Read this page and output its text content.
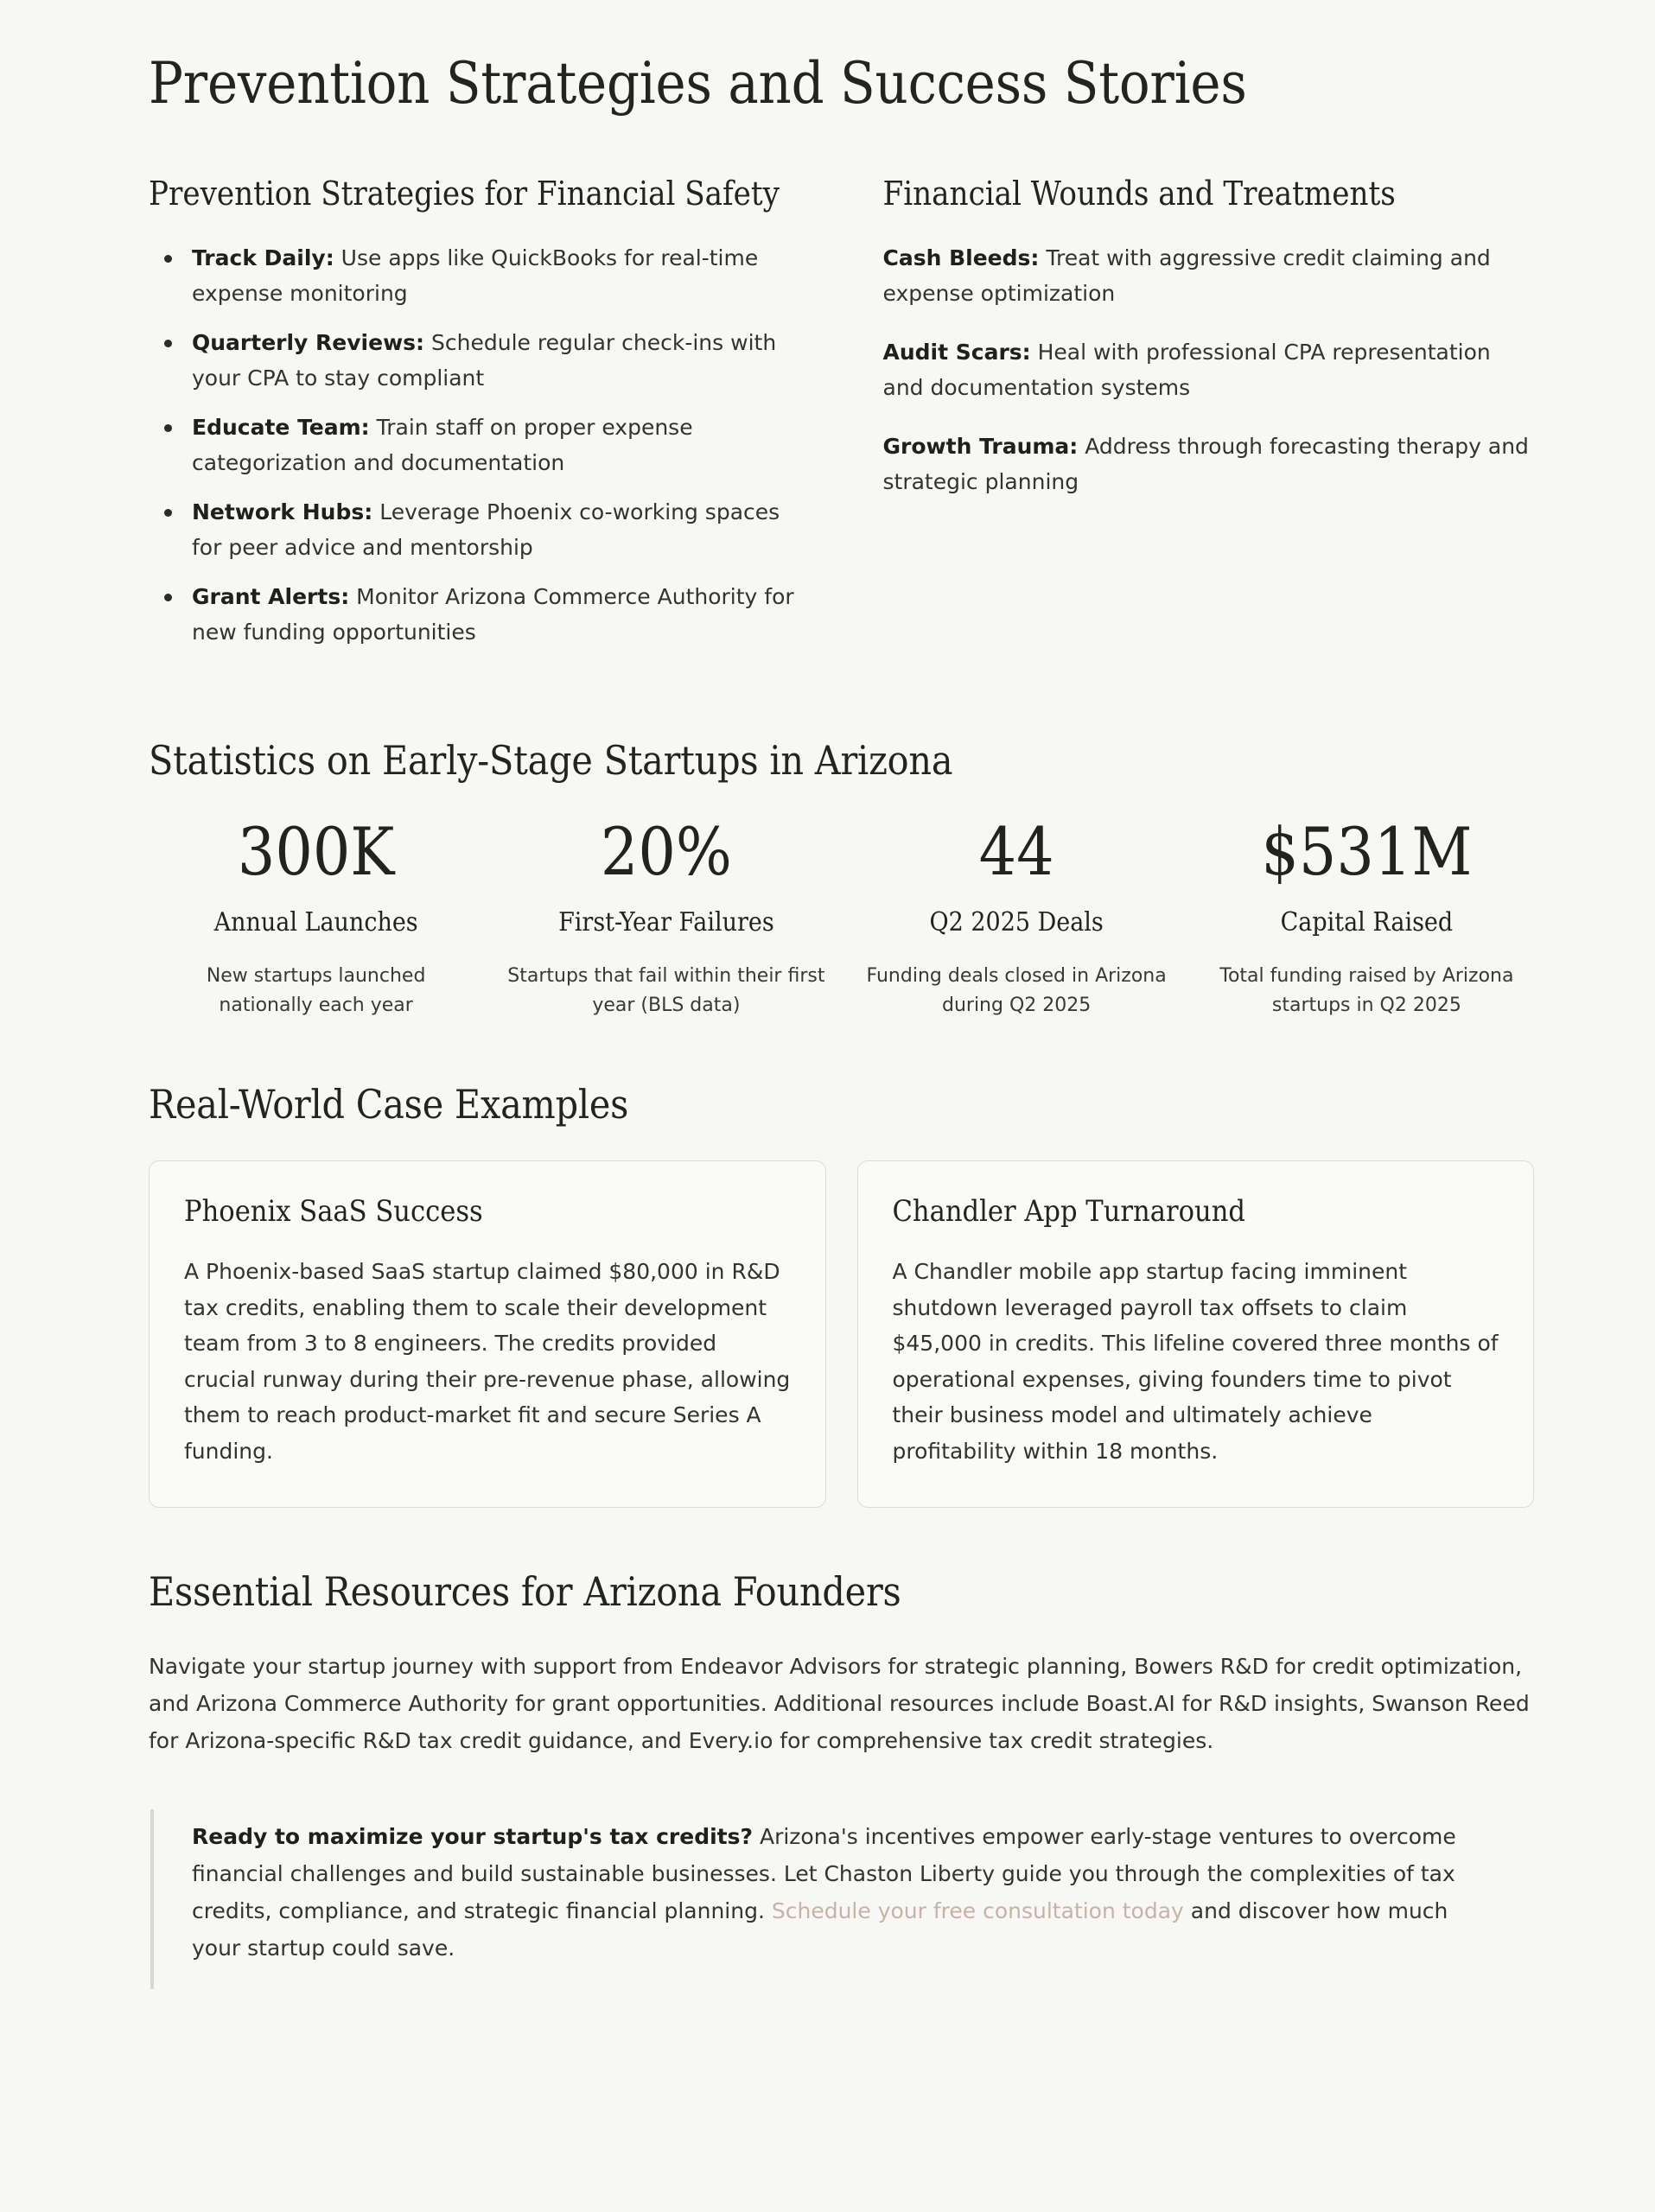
Prevention Strategies and Success Stories
Prevention Strategies for Financial Safety
Track Daily: Use apps like QuickBooks for real-time expense monitoring
Quarterly Reviews: Schedule regular check-ins with your CPA to stay compliant
Educate Team: Train staff on proper expense categorization and documentation
Network Hubs: Leverage Phoenix co-working spaces for peer advice and mentorship
Grant Alerts: Monitor Arizona Commerce Authority for new funding opportunities
Financial Wounds and Treatments

Cash Bleeds: Treat with aggressive credit claiming and expense optimization

Audit Scars: Heal with professional CPA representation and documentation systems

Growth Trauma: Address through forecasting therapy and strategic planning

Statistics on Early-Stage Startups in Arizona
300K
Annual Launches
New startups launched nationally each year
20%
First-Year Failures
Startups that fail within their first year (BLS data)
44
Q2 2025 Deals
Funding deals closed in Arizona during Q2 2025
$531M
Capital Raised
Total funding raised by Arizona startups in Q2 2025
Real-World Case Examples
Phoenix SaaS Success
A Phoenix-based SaaS startup claimed $80,000 in R&D tax credits, enabling them to scale their development team from 3 to 8 engineers. The credits provided crucial runway during their pre-revenue phase, allowing them to reach product-market fit and secure Series A funding.
Chandler App Turnaround
A Chandler mobile app startup facing imminent shutdown leveraged payroll tax offsets to claim $45,000 in credits. This lifeline covered three months of operational expenses, giving founders time to pivot their business model and ultimately achieve profitability within 18 months.
Essential Resources for Arizona Founders

Navigate your startup journey with support from Endeavor Advisors for strategic planning, Bowers R&D for credit optimization, and Arizona Commerce Authority for grant opportunities. Additional resources include Boast.AI for R&D insights, Swanson Reed for Arizona-specific R&D tax credit guidance, and Every.io for comprehensive tax credit strategies.

Ready to maximize your startup's tax credits? Arizona's incentives empower early-stage ventures to overcome financial challenges and build sustainable businesses. Let Chaston Liberty guide you through the complexities of tax credits, compliance, and strategic financial planning. Schedule your free consultation today and discover how much your startup could save.
